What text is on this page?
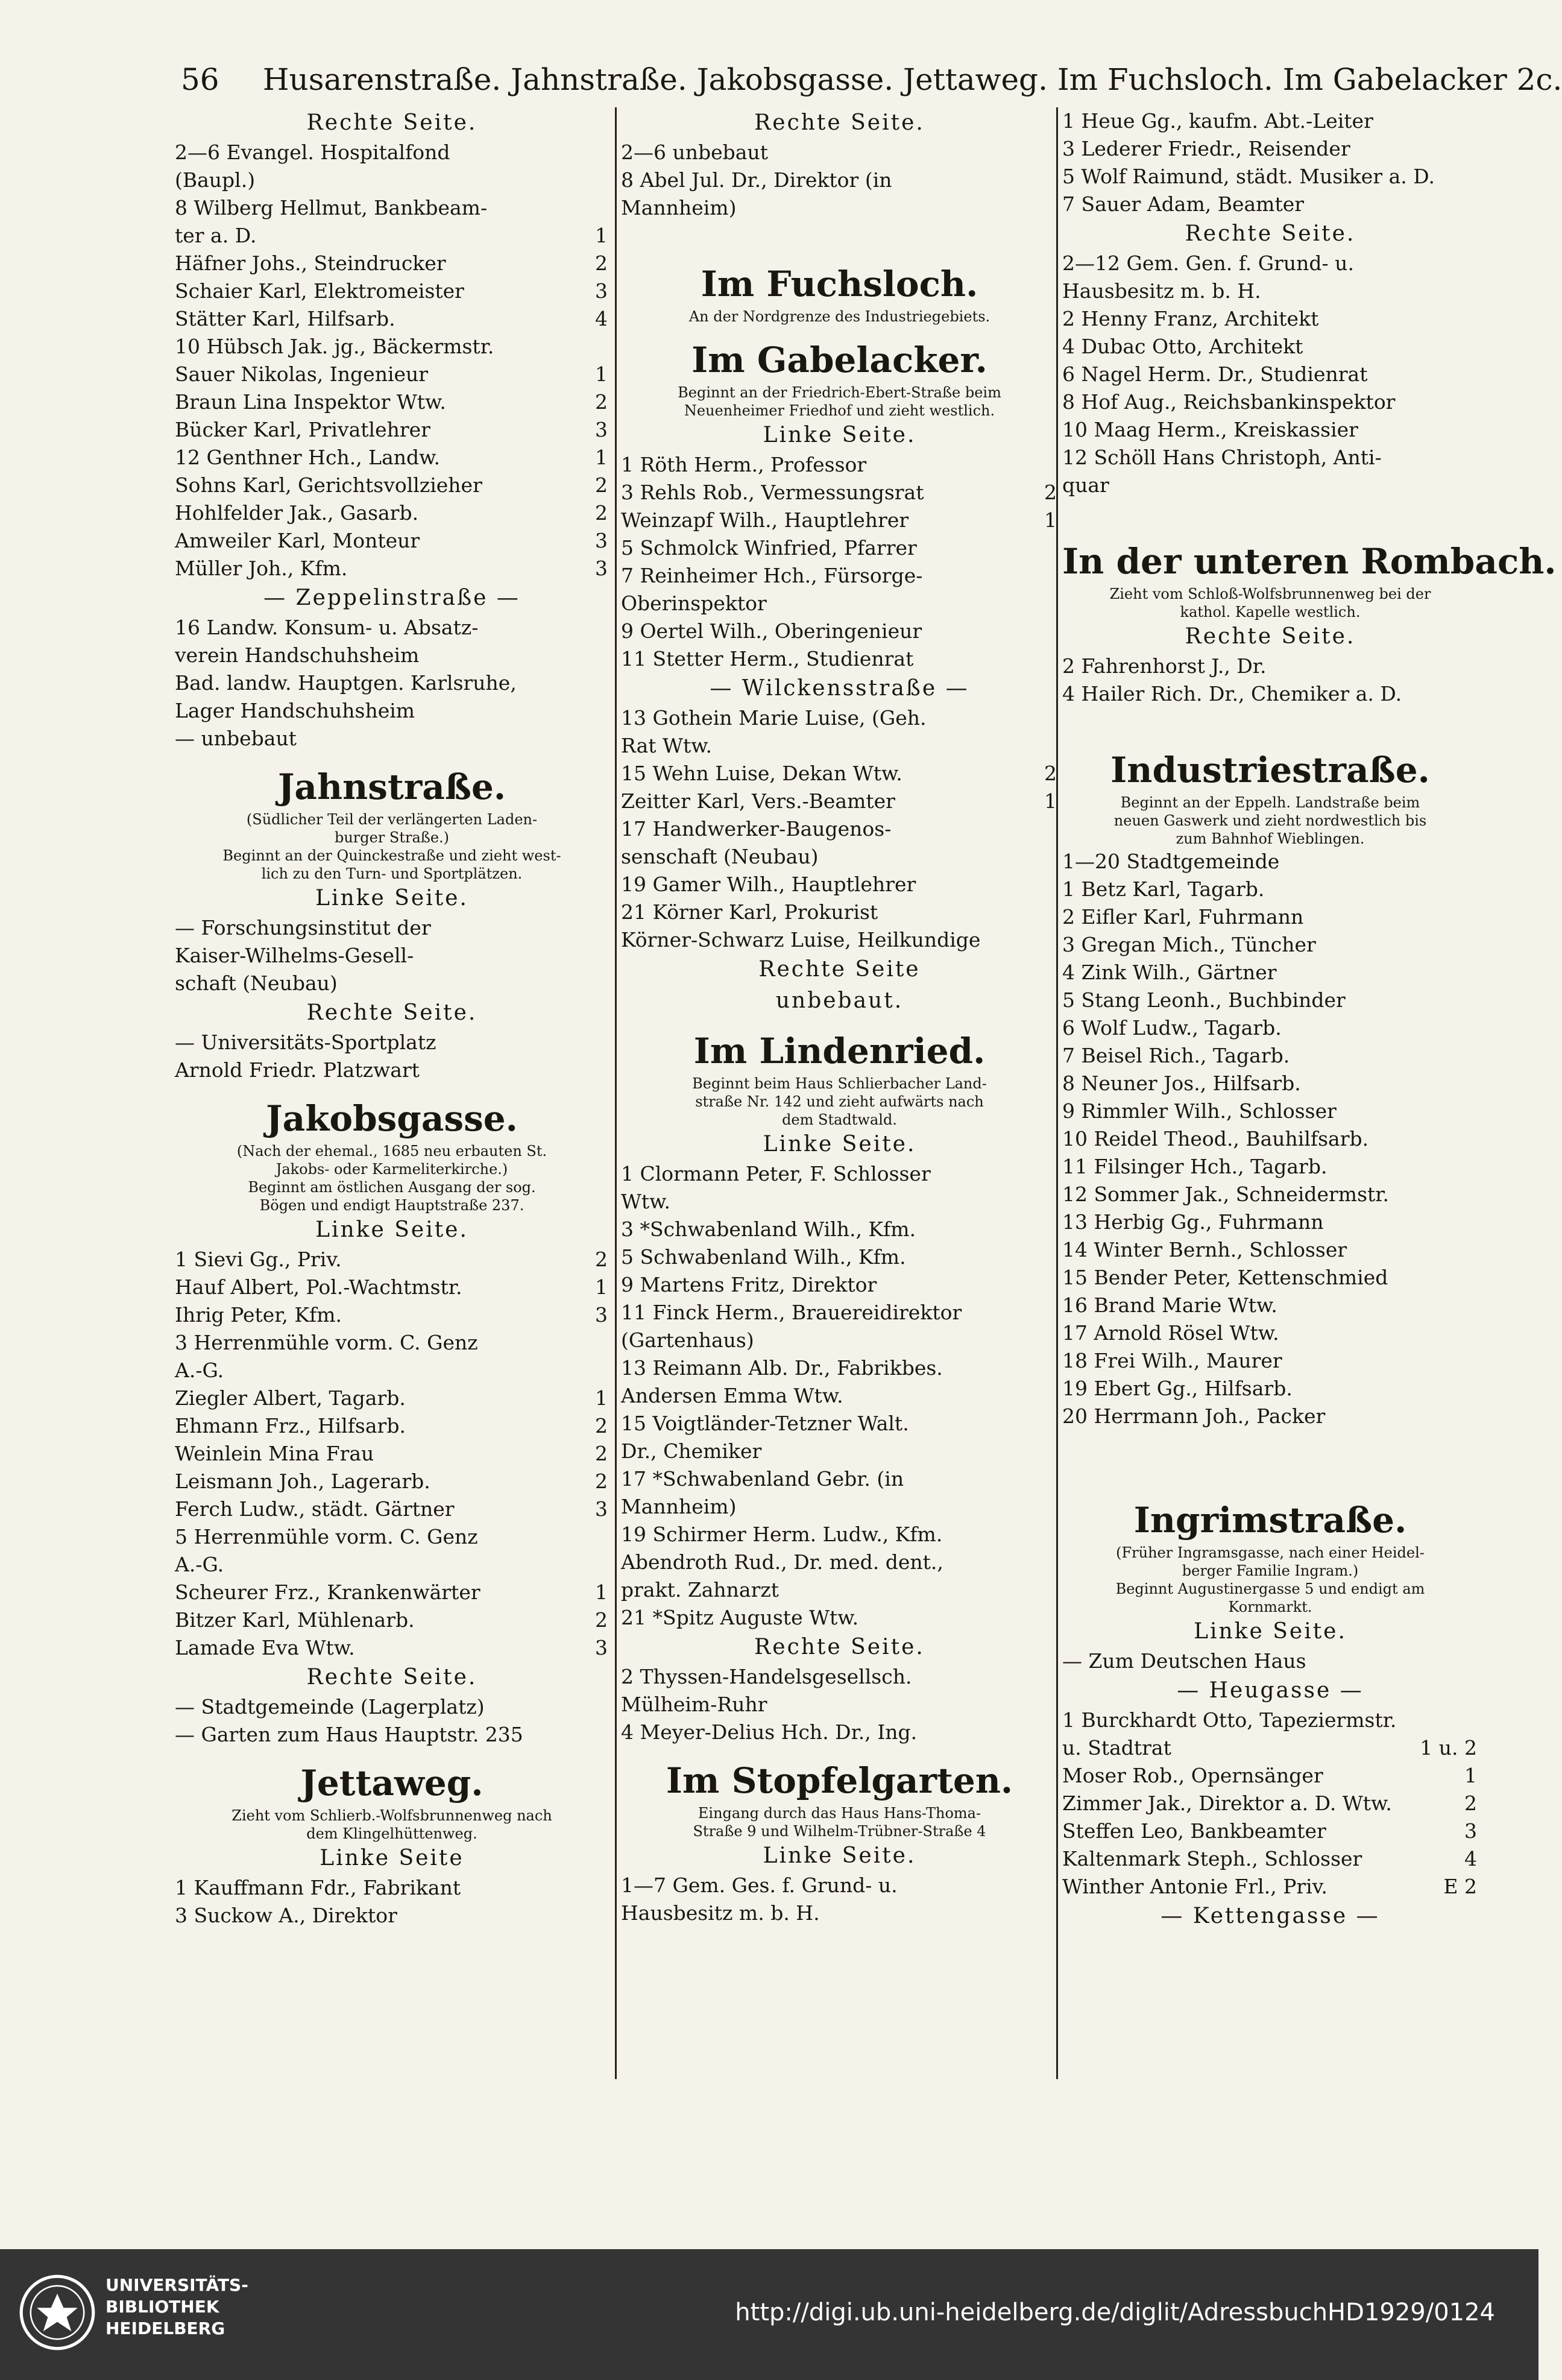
56 Husarenstraße. Jahnstraße. Jakobsgasse. Jettaweg. Im Fuchsloch. Im Gabelacker 2c.
Rechte Seite.
2—6 Evangel. Hospitalfond
(Baupl.)
8 Wilberg Hellmut, Bankbeam-
ter a. D.	1
Häfner Johs., Steindrucker	2
Schaier Karl, Elektromeister	3
Stätter Karl, Hilfsarb.	4
10 Hübsch Jak. jg., Bäckermstr.
Sauer Nikolas, Ingenieur	1
Braun Lina Inspektor Wtw.	2
Bücker Karl, Privatlehrer	3
12 Genthner Hch., Landw.	1
Sohns Karl, Gerichtsvollzieher	2
Hohlfelder Jak., Gasarb.	2
Amweiler Karl, Monteur	3
Müller Joh., Kfm.	3
— Zeppelinstraße —
16 Landw. Konsum- u. Absatz-
verein Handschuhsheim
Bad. landw. Hauptgen. Karlsruhe,
Lager Handschuhsheim
— unbebaut
Jahnstraße.
(Südlicher Teil der verlängerten Laden-
burger Straße.)
Beginnt an der Quinckestraße und zieht west-
lich zu den Turn- und Sportplätzen.
Linke Seite.
— Forschungsinstitut der
Kaiser-Wilhelms-Gesell-
schaft (Neubau)
Rechte Seite.
— Universitäts-Sportplatz
Arnold Friedr. Platzwart
Jakobsgasse.
(Nach der ehemal., 1685 neu erbauten St.
Jakobs- oder Karmeliterkirche.)
Beginnt am östlichen Ausgang der sog.
Bögen und endigt Hauptstraße 237.
Linke Seite.
1 Sievi Gg., Priv.	2
Hauf Albert, Pol.-Wachtmstr.	1
Ihrig Peter, Kfm.	3
3 Herrenmühle vorm. C. Genz
A.-G.
Ziegler Albert, Tagarb.	1
Ehmann Frz., Hilfsarb.	2
Weinlein Mina Frau	2
Leismann Joh., Lagerarb.	2
Ferch Ludw., städt. Gärtner	3
5 Herrenmühle vorm. C. Genz
A.-G.
Scheurer Frz., Krankenwärter	1
Bitzer Karl, Mühlenarb.	2
Lamade Eva Wtw.	3
Rechte Seite.
— Stadtgemeinde (Lagerplatz)
— Garten zum Haus Hauptstr. 235
Jettaweg.
Zieht vom Schlierb.-Wolfsbrunnenweg nach
dem Klingelhüttenweg.
Linke Seite
1 Kauffmann Fdr., Fabrikant
3 Suckow A., Direktor
Rechte Seite.
2—6 unbebaut
8 Abel Jul. Dr., Direktor (in
Mannheim)
Im Fuchsloch.
An der Nordgrenze des Industriegebiets.
Im Gabelacker.
Beginnt an der Friedrich-Ebert-Straße beim
Neuenheimer Friedhof und zieht westlich.
Linke Seite.
1 Röth Herm., Professor
3 Rehls Rob., Vermessungsrat	2
Weinzapf Wilh., Hauptlehrer	1
5 Schmolck Winfried, Pfarrer
7 Reinheimer Hch., Fürsorge-
Oberinspektor
9 Oertel Wilh., Oberingenieur
11 Stetter Herm., Studienrat
— Wilckensstraße —
13 Gothein Marie Luise, (Geh.
Rat Wtw.
15 Wehn Luise, Dekan Wtw.	2
Zeitter Karl, Vers.-Beamter	1
17 Handwerker-Baugenos-
senschaft (Neubau)
19 Gamer Wilh., Hauptlehrer
21 Körner Karl, Prokurist
Körner-Schwarz Luise, Heilkundige
Rechte Seite
unbebaut.
Im Lindenried.
Beginnt beim Haus Schlierbacher Land-
straße Nr. 142 und zieht aufwärts nach
dem Stadtwald.
Linke Seite.
1 Clormann Peter, F. Schlosser
Wtw.
3 *Schwabenland Wilh., Kfm.
5 Schwabenland Wilh., Kfm.
9 Martens Fritz, Direktor
11 Finck Herm., Brauereidirektor
(Gartenhaus)
13 Reimann Alb. Dr., Fabrikbes.
Andersen Emma Wtw.
15 Voigtländer-Tetzner Walt.
Dr., Chemiker
17 *Schwabenland Gebr. (in
Mannheim)
19 Schirmer Herm. Ludw., Kfm.
Abendroth Rud., Dr. med. dent.,
prakt. Zahnarzt
21 *Spitz Auguste Wtw.
Rechte Seite.
2 Thyssen-Handelsgesellsch.
Mülheim-Ruhr
4 Meyer-Delius Hch. Dr., Ing.
Im Stopfelgarten.
Eingang durch das Haus Hans-Thoma-
Straße 9 und Wilhelm-Trübner-Straße 4
Linke Seite.
1—7 Gem. Ges. f. Grund- u.
Hausbesitz m. b. H.
1 Heue Gg., kaufm. Abt.-Leiter
3 Lederer Friedr., Reisender
5 Wolf Raimund, städt. Musiker a. D.
7 Sauer Adam, Beamter
Rechte Seite.
2—12 Gem. Gen. f. Grund- u.
Hausbesitz m. b. H.
2 Henny Franz, Architekt
4 Dubac Otto, Architekt
6 Nagel Herm. Dr., Studienrat
8 Hof Aug., Reichsbankinspektor
10 Maag Herm., Kreiskassier
12 Schöll Hans Christoph, Anti-
quar
In der unteren Rombach.
Zieht vom Schloß-Wolfsbrunnenweg bei der
kathol. Kapelle westlich.
Rechte Seite.
2 Fahrenhorst J., Dr.
4 Hailer Rich. Dr., Chemiker a. D.
Industriestraße.
Beginnt an der Eppelh. Landstraße beim
neuen Gaswerk und zieht nordwestlich bis
zum Bahnhof Wieblingen.
1—20 Stadtgemeinde
1 Betz Karl, Tagarb.
2 Eifler Karl, Fuhrmann
3 Gregan Mich., Tüncher
4 Zink Wilh., Gärtner
5 Stang Leonh., Buchbinder
6 Wolf Ludw., Tagarb.
7 Beisel Rich., Tagarb.
8 Neuner Jos., Hilfsarb.
9 Rimmler Wilh., Schlosser
10 Reidel Theod., Bauhilfsarb.
11 Filsinger Hch., Tagarb.
12 Sommer Jak., Schneidermstr.
13 Herbig Gg., Fuhrmann
14 Winter Bernh., Schlosser
15 Bender Peter, Kettenschmied
16 Brand Marie Wtw.
17 Arnold Rösel Wtw.
18 Frei Wilh., Maurer
19 Ebert Gg., Hilfsarb.
20 Herrmann Joh., Packer
Ingrimstraße.
(Früher Ingramsgasse, nach einer Heidel-
berger Familie Ingram.)
Beginnt Augustinergasse 5 und endigt am
Kornmarkt.
Linke Seite.
— Zum Deutschen Haus
— Heugasse —
1 Burckhardt Otto, Tapeziermstr.
u. Stadtrat	1 u. 2
Moser Rob., Opernsänger	1
Zimmer Jak., Direktor a. D. Wtw.	2
Steffen Leo, Bankbeamter	3
Kaltenmark Steph., Schlosser	4
Winther Antonie Frl., Priv.	E 2
— Kettengasse —
UNIVERSITÄTS-
BIBLIOTHEK
HEIDELBERG
http://digi.ub.uni-heidelberg.de/diglit/AdressbuchHD1929/0124
